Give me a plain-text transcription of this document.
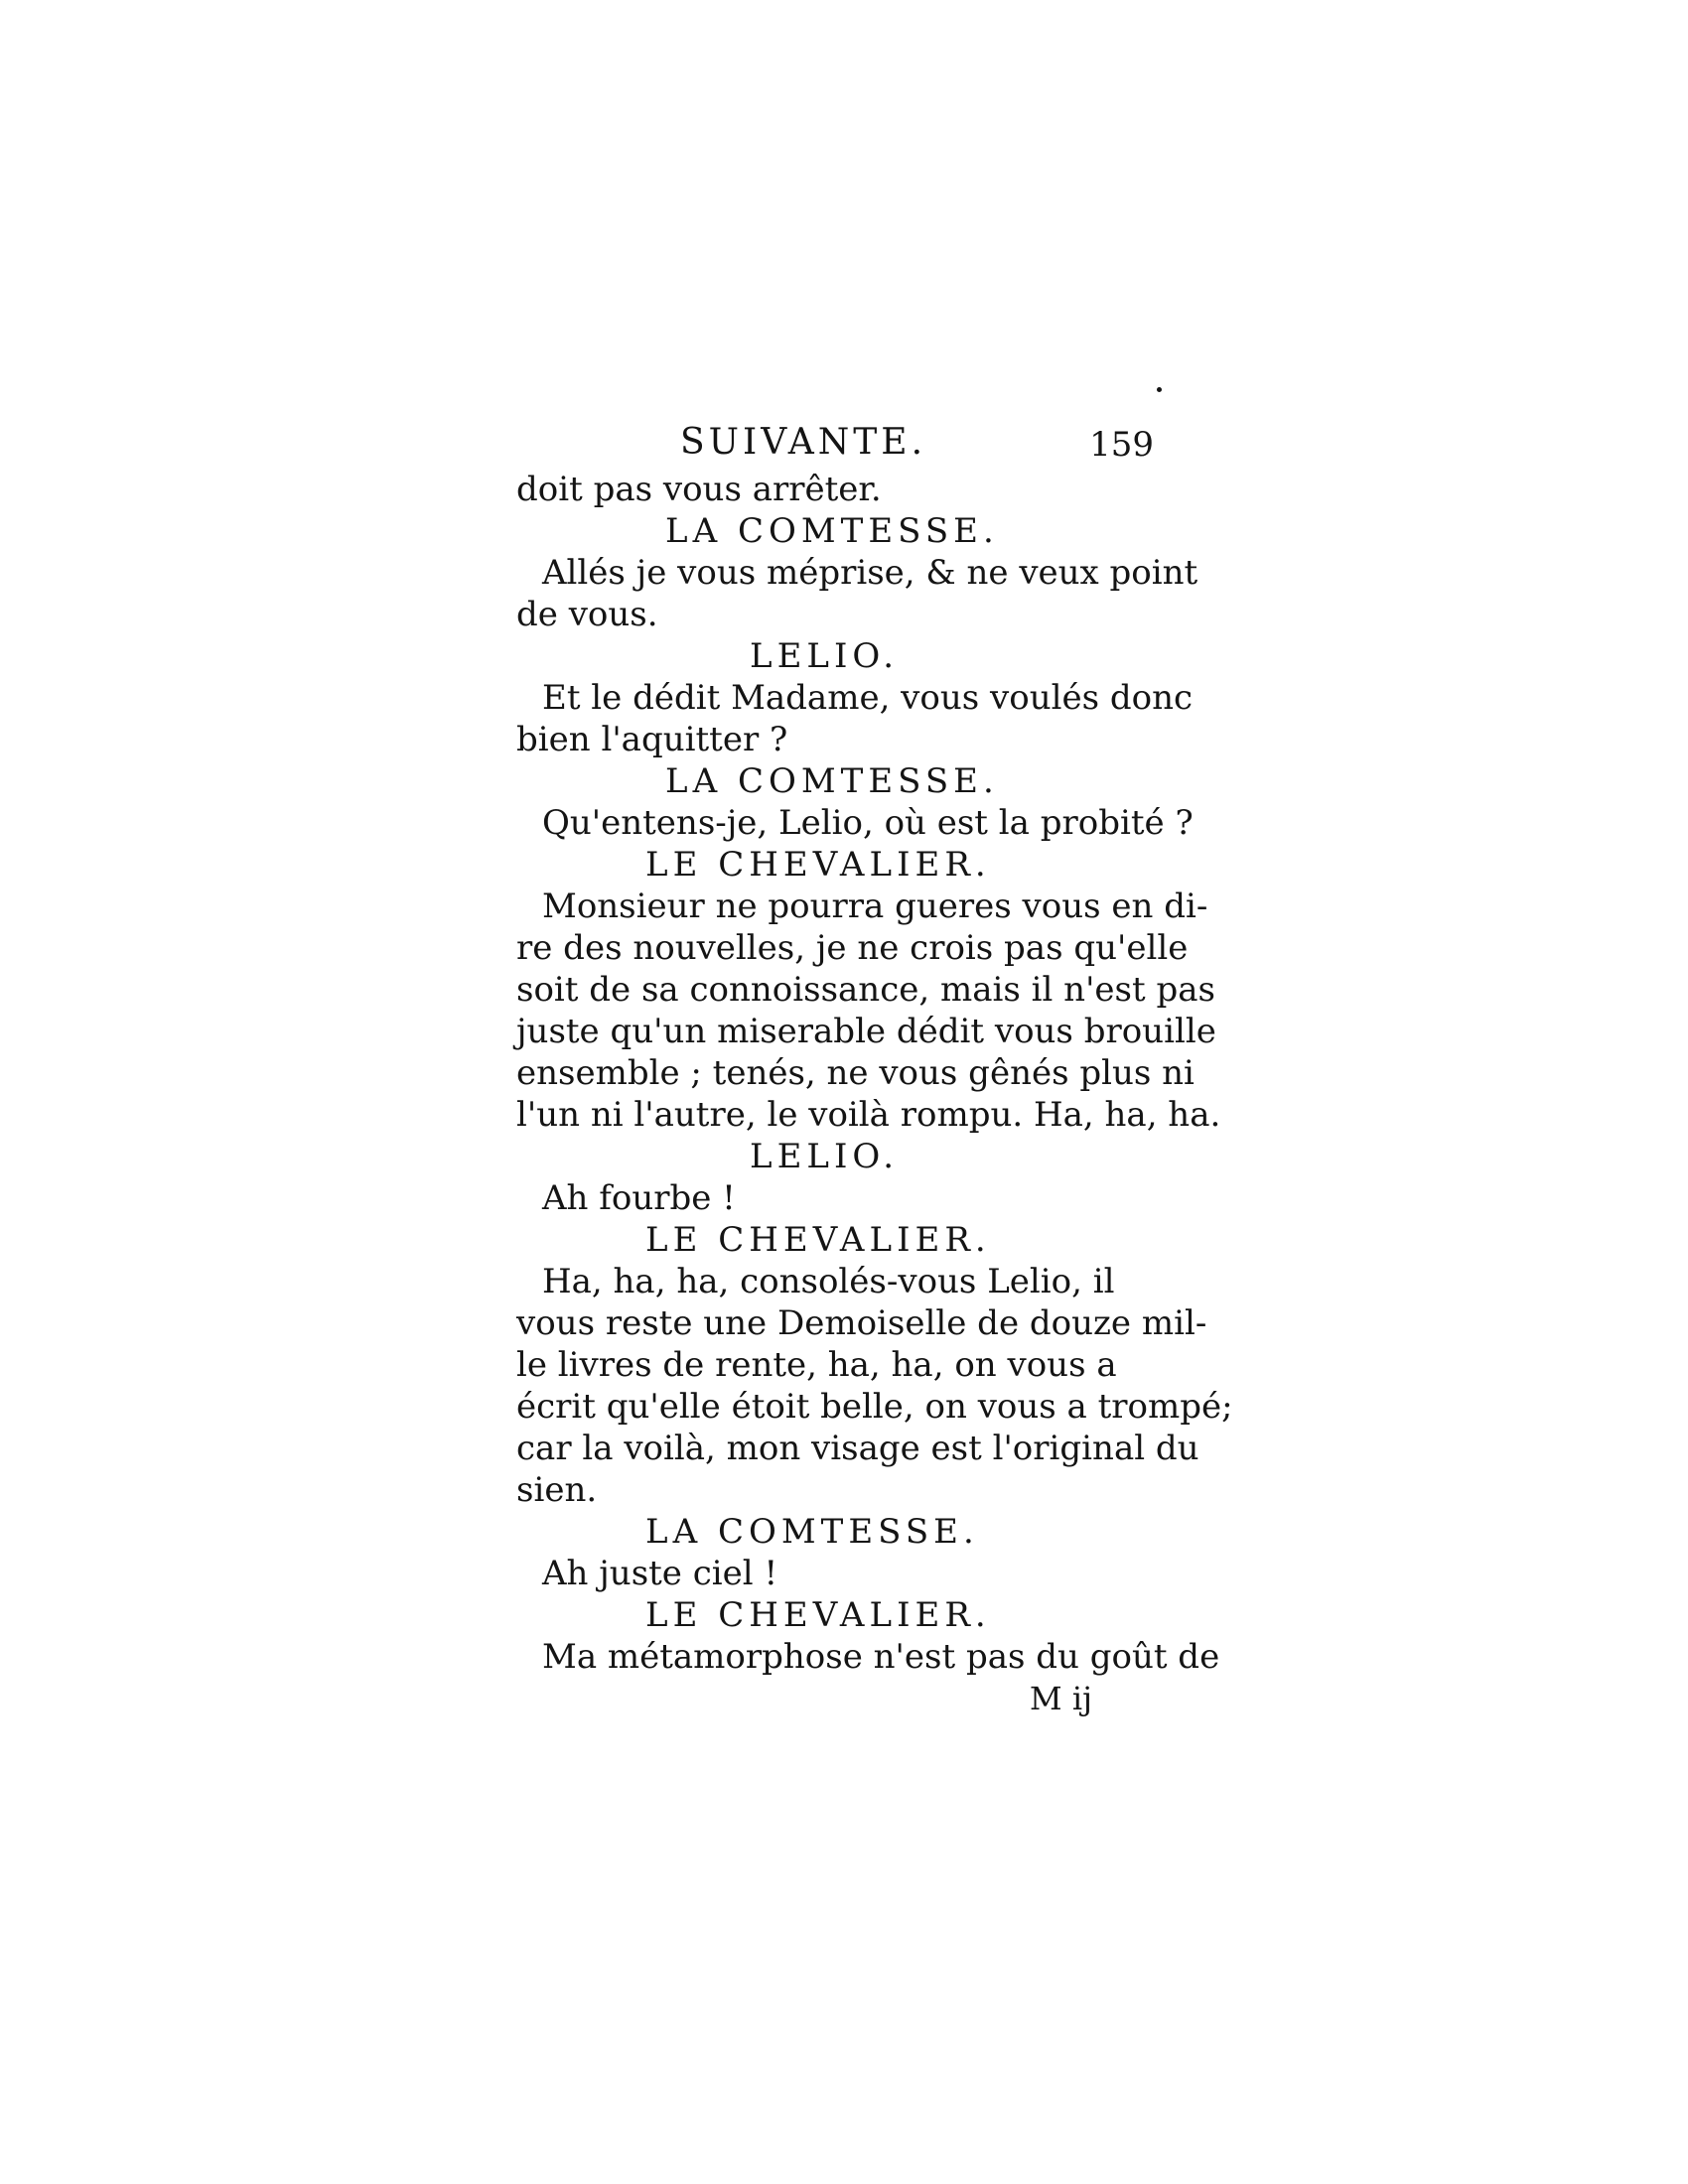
SUIVANTE.	159
doit pas vous arrêter.
LA COMTESSE.
Allés je vous méprise, & ne veux point
de vous.
LELIO.
Et le dédit Madame, vous voulés donc
bien l'aquitter ?
LA COMTESSE.
Qu'entens-je, Lelio, où est la probité ?
LE CHEVALIER.
Monsieur ne pourra gueres vous en di-
re des nouvelles, je ne crois pas qu'elle
soit de sa connoissance, mais il n'est pas
juste qu'un miserable dédit vous brouille
ensemble ; tenés, ne vous gênés plus ni
l'un ni l'autre, le voilà rompu. Ha, ha, ha.
LELIO.
Ah fourbe !
LE CHEVALIER.
Ha, ha, ha, consolés-vous Lelio, il
vous reste une Demoiselle de douze mil-
le livres de rente, ha, ha, on vous a
écrit qu'elle étoit belle, on vous a trompé;
car la voilà, mon visage est l'original du
sien.
LA COMTESSE.
Ah juste ciel !
LE CHEVALIER.
Ma métamorphose n'est pas du goût de
M ij
